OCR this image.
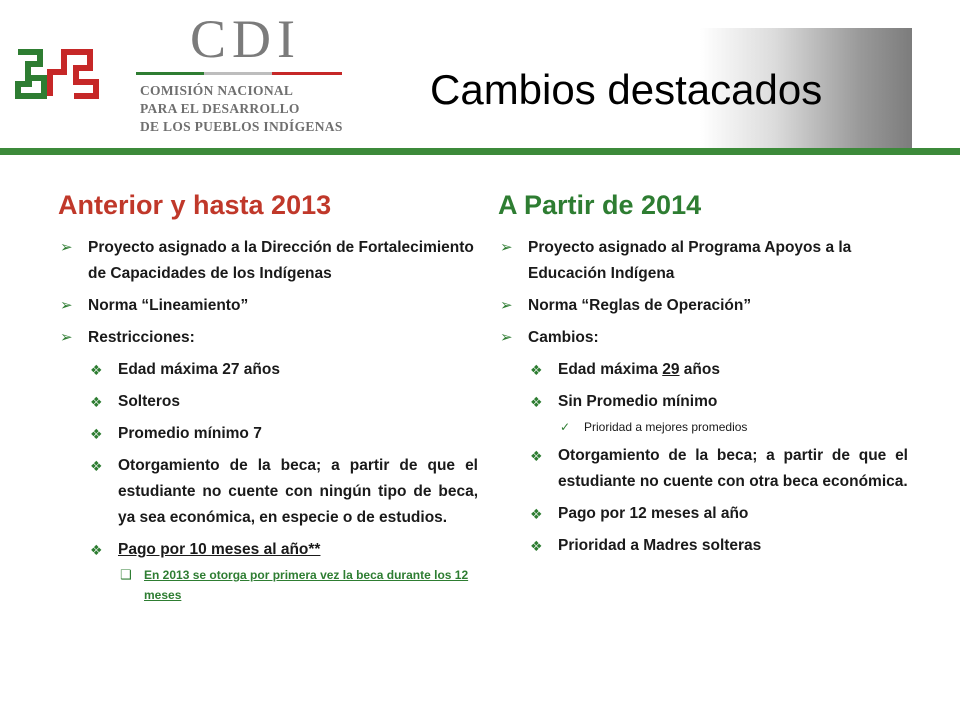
CDI
COMISIÓN NACIONAL
PARA EL DESARROLLO
DE LOS PUEBLOS INDÍGENAS
Cambios destacados
Anterior y hasta 2013
➢ Proyecto asignado a la Dirección de Fortalecimiento de Capacidades de los Indígenas
➢ Norma “Lineamiento”
➢ Restricciones:
❖ Edad máxima 27 años
❖ Solteros
❖ Promedio mínimo 7
❖ Otorgamiento de la beca; a partir de que el estudiante no cuente con ningún tipo de beca, ya sea económica, en especie o de estudios.
❖ Pago por 10 meses al año**
❑ En 2013 se otorga por primera vez la beca durante los 12 meses
A Partir de 2014
➢ Proyecto asignado al Programa Apoyos a la Educación Indígena
➢ Norma “Reglas de Operación”
➢ Cambios:
❖ Edad máxima 29 años
❖ Sin Promedio mínimo
✓ Prioridad a mejores promedios
❖ Otorgamiento de la beca; a partir de que el estudiante no cuente con otra beca económica.
❖ Pago por 12 meses al año
❖ Prioridad a Madres solteras
